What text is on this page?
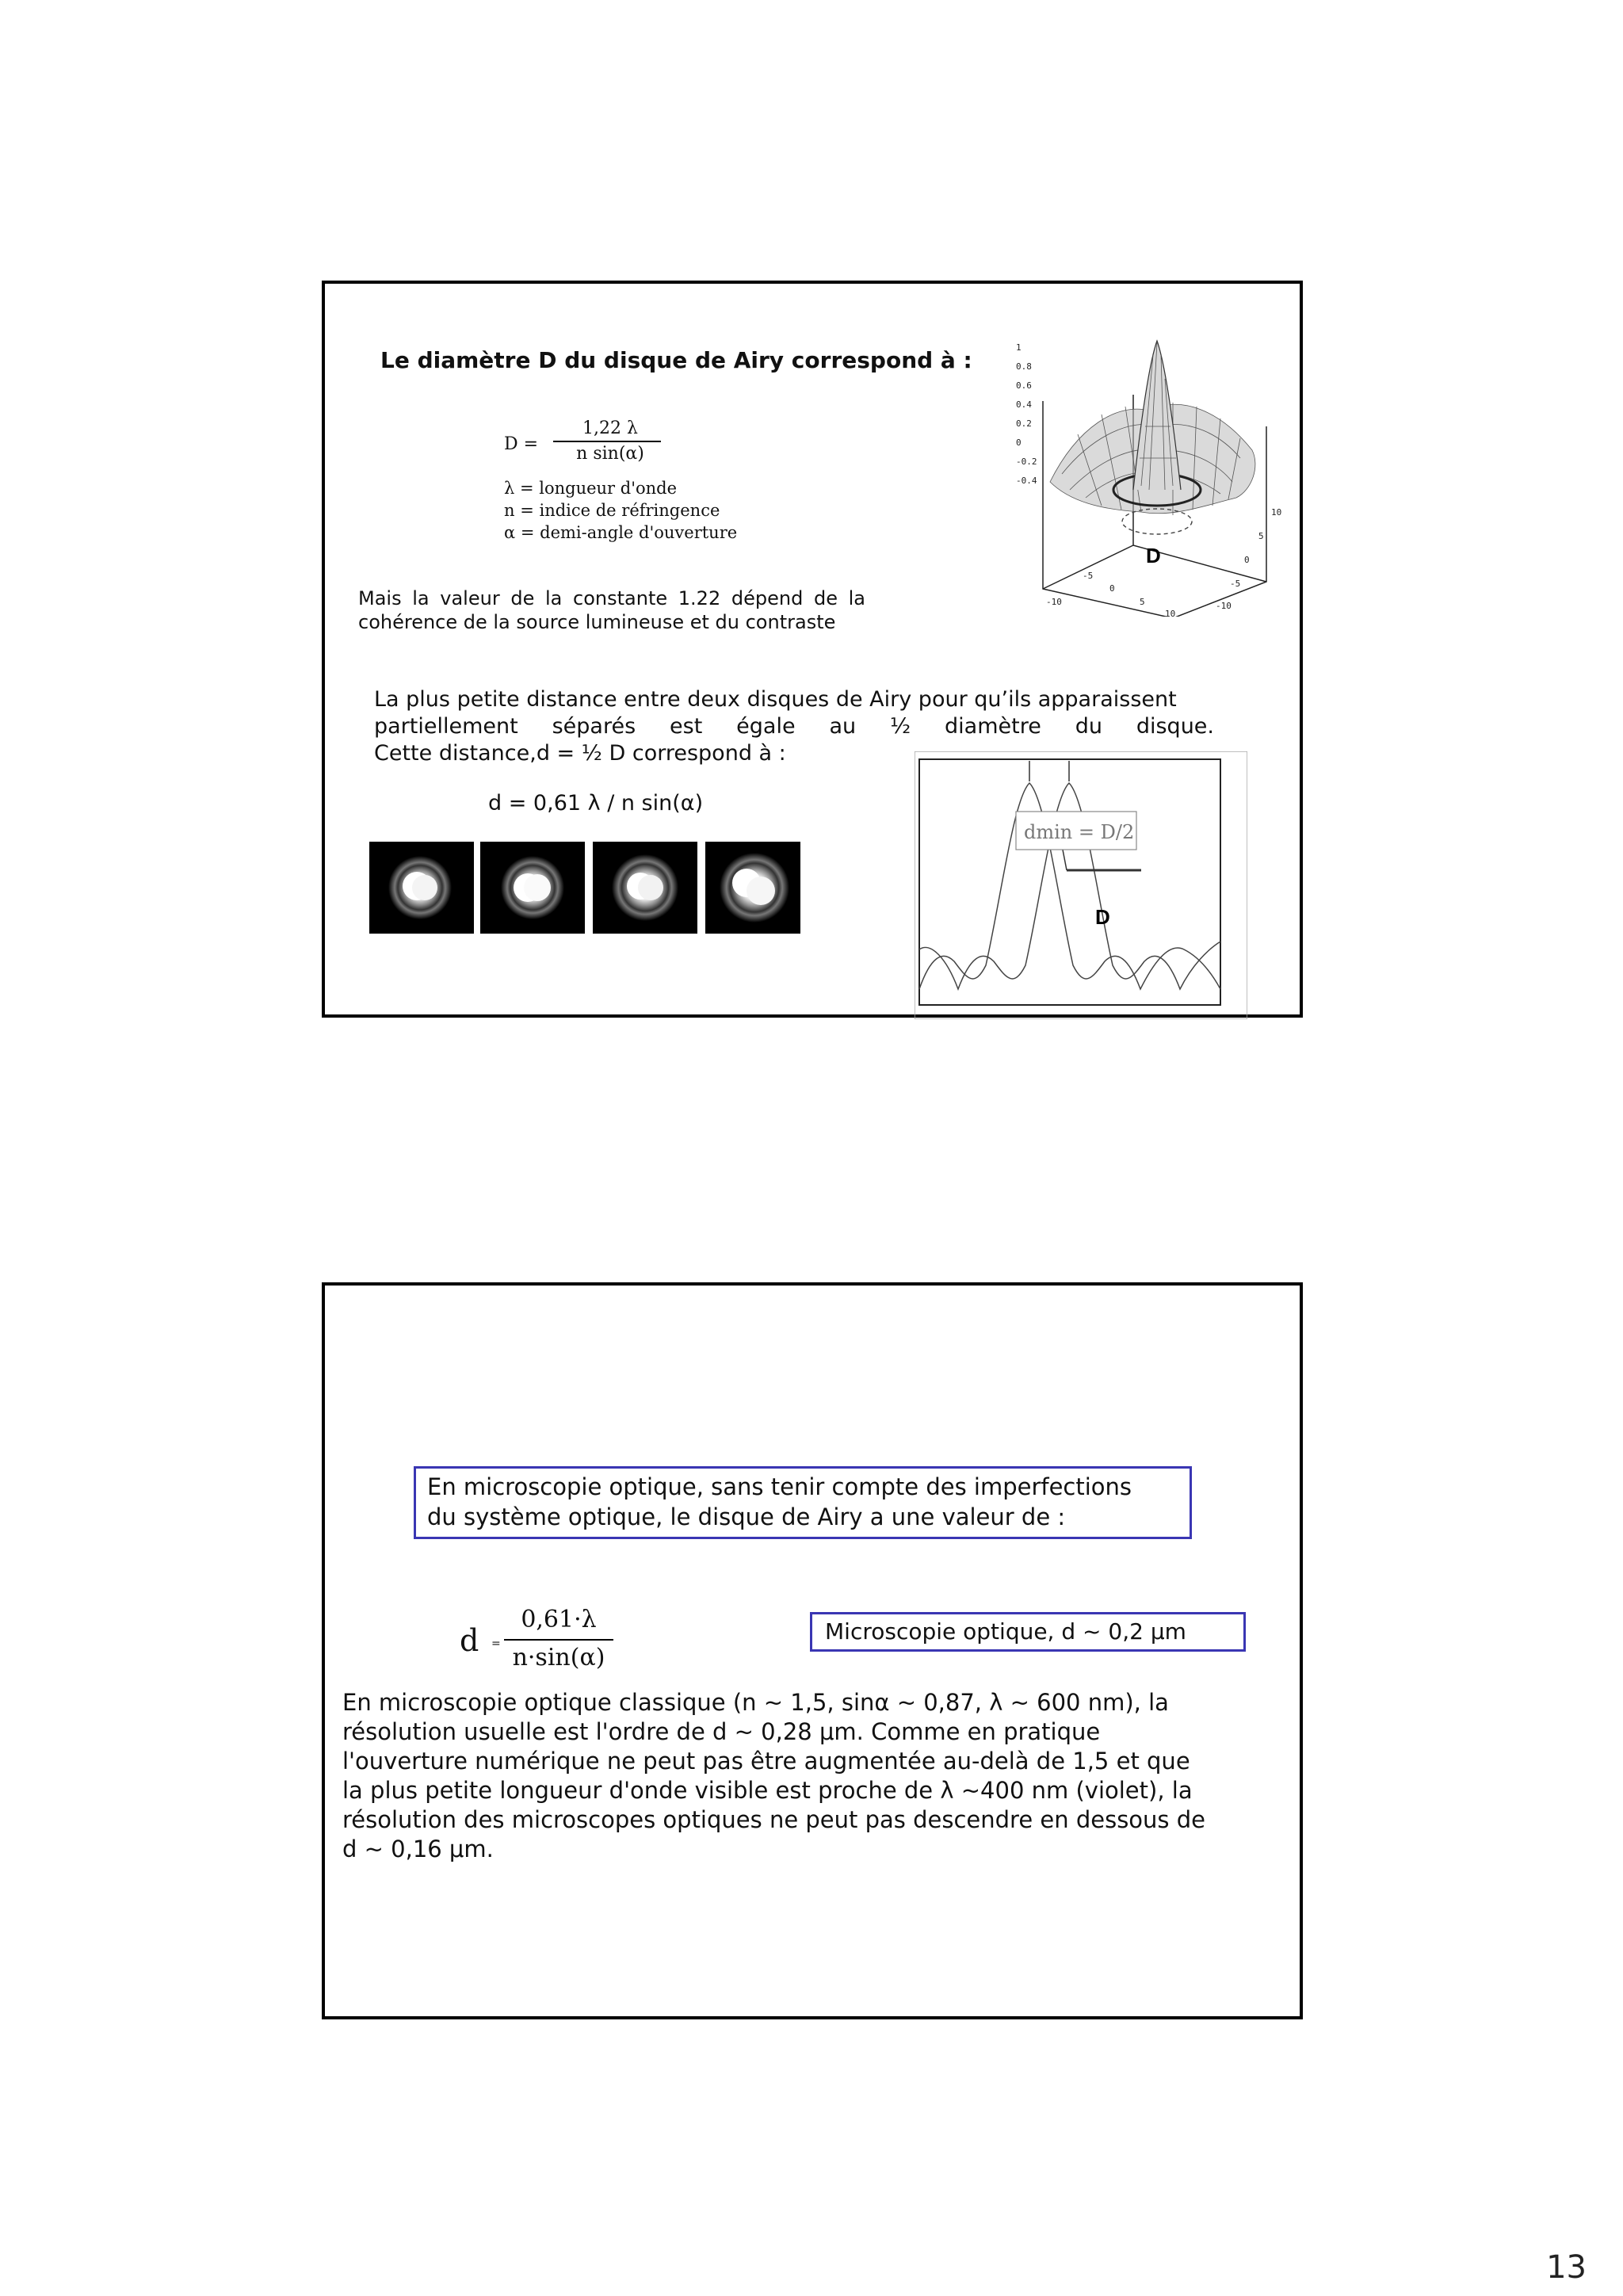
Le diamètre D du disque de Airy correspond à :
D =
1,22 λ
n sin(α)
λ = longueur d'onde
n = indice de réfringence
α = demi-angle d'ouverture
Mais la valeur de la constante 1.22 dépend de la
cohérence de la source lumineuse et du contraste
La plus petite distance entre deux disques de Airy pour qu’ils apparaissent
partiellement séparés est égale au ½ diamètre du disque.
Cette distance,d = ½ D correspond à :
d = 0,61 λ / n sin(α)
1
0.8
0.6
0.4
0.2
0
-0.2
-0.4
-10
-5
0
5
10
10
5
0
-5
-10
D
dmin = D/2
D
En microscopie optique, sans tenir compte des imperfections
du système optique, le disque de Airy a une valeur de :
d =
0,61·λ
n·sin(α)
Microscopie optique, d ~ 0,2 μm
En microscopie optique classique (n ~ 1,5, sinα ~ 0,87, λ ~ 600 nm), la
résolution usuelle est l'ordre de d ~ 0,28 μm. Comme en pratique
l'ouverture numérique ne peut pas être augmentée au-delà de 1,5 et que
la plus petite longueur d'onde visible est proche de λ ~400 nm (violet), la
résolution des microscopes optiques ne peut pas descendre en dessous de
d ~ 0,16 μm.
13
